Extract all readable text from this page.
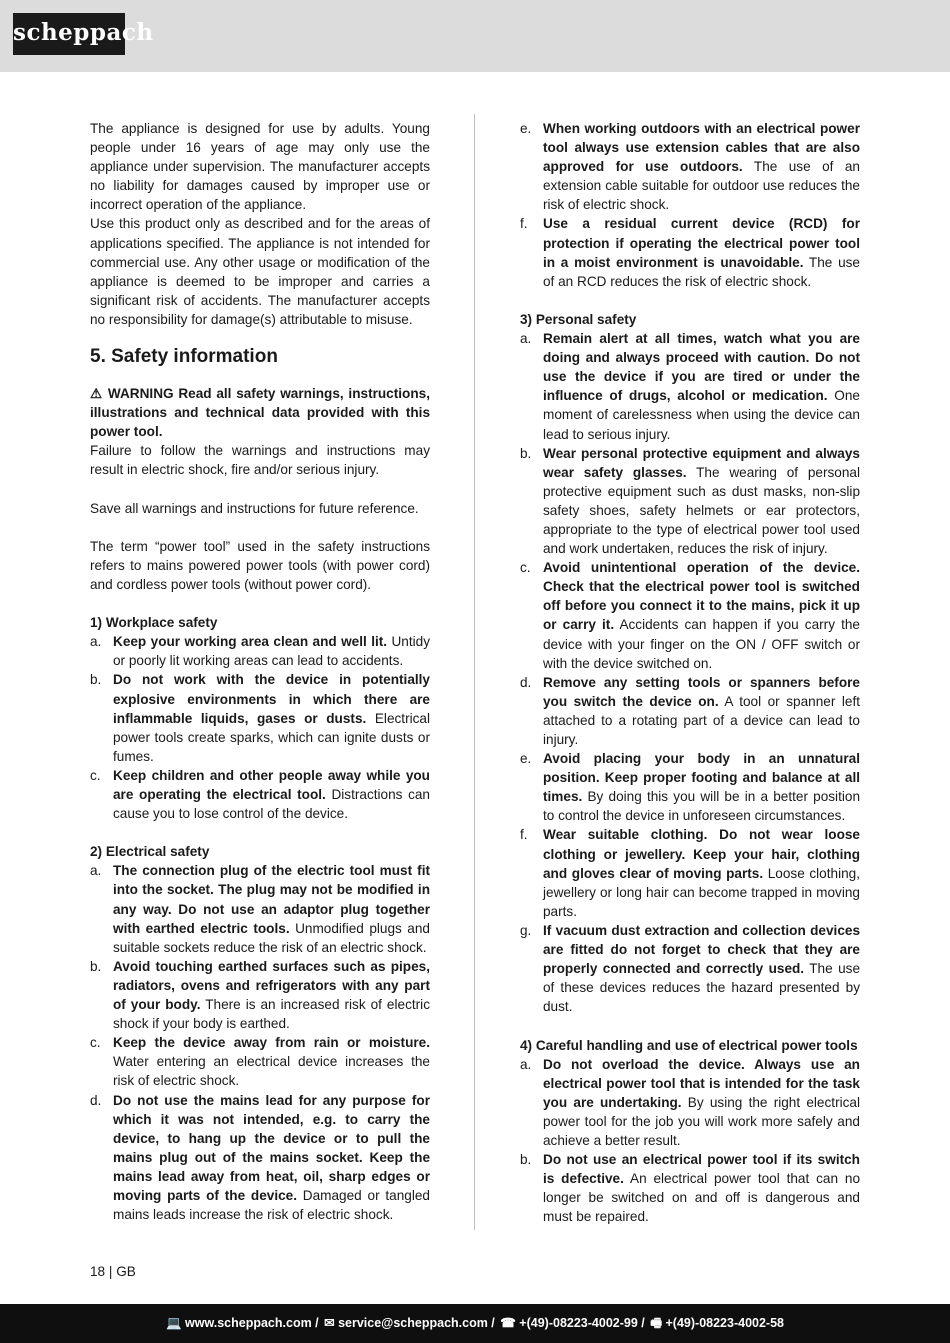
scheppach

The appliance is designed for use by adults. Young people under 16 years of age may only use the appliance under supervision. The manufacturer accepts no liability for damages caused by improper use or incorrect operation of the appliance.

Use this product only as described and for the areas of applications specified. The appliance is not intended for commercial use. Any other usage or modification of the appliance is deemed to be improper and carries a significant risk of accidents. The manufacturer accepts no responsibility for damage(s) attributable to misuse.

5. Safety information

⚠ WARNING Read all safety warnings, instructions, illustrations and technical data provided with this power tool.

Failure to follow the warnings and instructions may result in electric shock, fire and/or serious injury.

Save all warnings and instructions for future reference.

The term “power tool” used in the safety instructions refers to mains powered power tools (with power cord) and cordless power tools (without power cord).

1) Workplace safety
a. Keep your working area clean and well lit. Untidy or poorly lit working areas can lead to accidents.
b. Do not work with the device in potentially explosive environments in which there are inflammable liquids, gases or dusts. Electrical power tools create sparks, which can ignite dusts or fumes.
c. Keep children and other people away while you are operating the electrical tool. Distractions can cause you to lose control of the device.
2) Electrical safety
a. The connection plug of the electric tool must fit into the socket. The plug may not be modified in any way. Do not use an adaptor plug together with earthed electric tools. Unmodified plugs and suitable sockets reduce the risk of an electric shock.
b. Avoid touching earthed surfaces such as pipes, radiators, ovens and refrigerators with any part of your body. There is an increased risk of electric shock if your body is earthed.
c. Keep the device away from rain or moisture. Water entering an electrical device increases the risk of electric shock.
d. Do not use the mains lead for any purpose for which it was not intended, e.g. to carry the device, to hang up the device or to pull the mains plug out of the mains socket. Keep the mains lead away from heat, oil, sharp edges or moving parts of the device. Damaged or tangled mains leads increase the risk of electric shock.
e. When working outdoors with an electrical power tool always use extension cables that are also approved for use outdoors. The use of an extension cable suitable for outdoor use reduces the risk of electric shock.
f.	Use a residual current device (RCD) for protection if operating the electrical power tool in a moist environment is unavoidable. The use of an RCD reduces the risk of electric shock.
3) Personal safety
a. Remain alert at all times, watch what you are doing and always proceed with caution. Do not use the device if you are tired or under the influence of drugs, alcohol or medication. One moment of carelessness when using the device can lead to serious injury.
b. Wear personal protective equipment and always wear safety glasses. The wearing of personal protective equipment such as dust masks, non-slip safety shoes, safety helmets or ear protectors, appropriate to the type of electrical power tool used and work undertaken, reduces the risk of injury.
c. Avoid unintentional operation of the device. Check that the electrical power tool is switched off before you connect it to the mains, pick it up or carry it. Accidents can happen if you carry the device with your finger on the ON / OFF switch or with the device switched on.
d. Remove any setting tools or spanners before you switch the device on. A tool or spanner left attached to a rotating part of a device can lead to injury.
e. Avoid placing your body in an unnatural position. Keep proper footing and balance at all times. By doing this you will be in a better position to control the device in unforeseen circumstances.
f.	Wear suitable clothing. Do not wear loose clothing or jewellery. Keep your hair, clothing and gloves clear of moving parts. Loose clothing, jewellery or long hair can become trapped in moving parts.
g. If vacuum dust extraction and collection devices are fitted do not forget to check that they are properly connected and correctly used. The use of these devices reduces the hazard presented by dust.
4) Careful handling and use of electrical power tools
a. Do not overload the device. Always use an electrical power tool that is intended for the task you are undertaking. By using the right electrical power tool for the job you will work more safely and achieve a better result.
b. Do not use an electrical power tool if its switch is defective. An electrical power tool that can no longer be switched on and off is dangerous and must be repaired.
18 | GB
💻 www.scheppach.com / ✉ service@scheppach.com / ☎ +(49)-08223-4002-99 / 🖷 +(49)-08223-4002-58
